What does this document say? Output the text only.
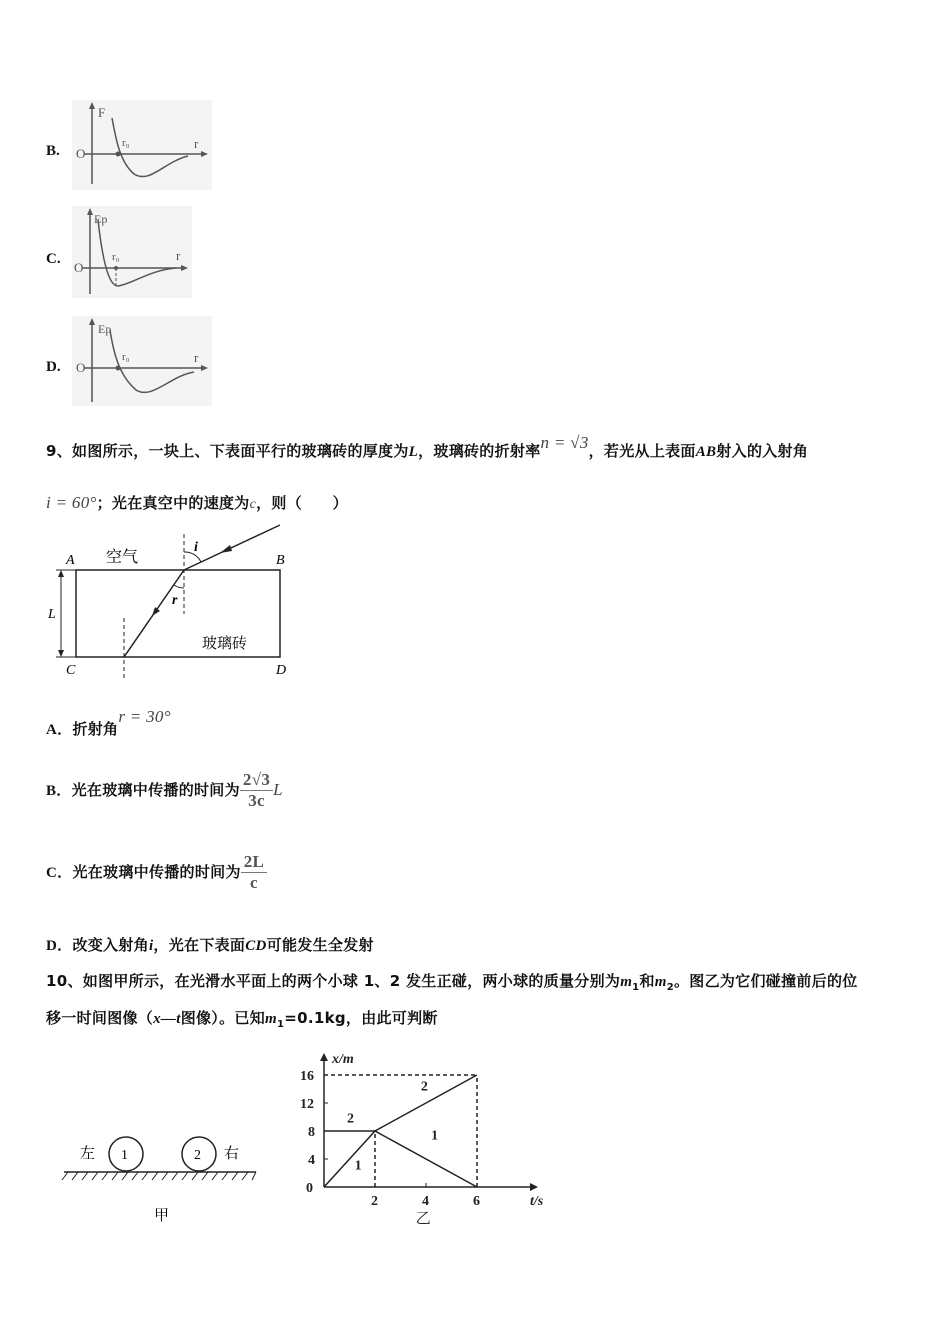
B.
F
O
r₀	r
C.
Ep
O
r₀	r
D.
Ep
O
r₀	r
9、如图所示，一块上、下表面平行的玻璃砖的厚度为L，玻璃砖的折射率n = √3，若光从上表面AB射入的入射角
i = 60°；光在真空中的速度为c，则（　　）
A	B
C	D
L
i
r
空气
玻璃砖
A．折射角r = 30°
B．光在玻璃中传播的时间为 $\frac{2√3}{3c}$ L
C．光在玻璃中传播的时间为 $\frac{2L}{c}$
D．改变入射角i，光在下表面CD可能发生全发射
10、如图甲所示，在光滑水平面上的两个小球 1、2 发生正碰，两小球的质量分别为$m_1$和$m_2$。图乙为它们碰撞前后的位
移一时间图像（x—t图像）。已知$m_1=0.1kg$，由此可判断
1	2
左	右
甲
x/m
t/s
0
2	4	6
4
8
12
16
1
2
2
1
乙
